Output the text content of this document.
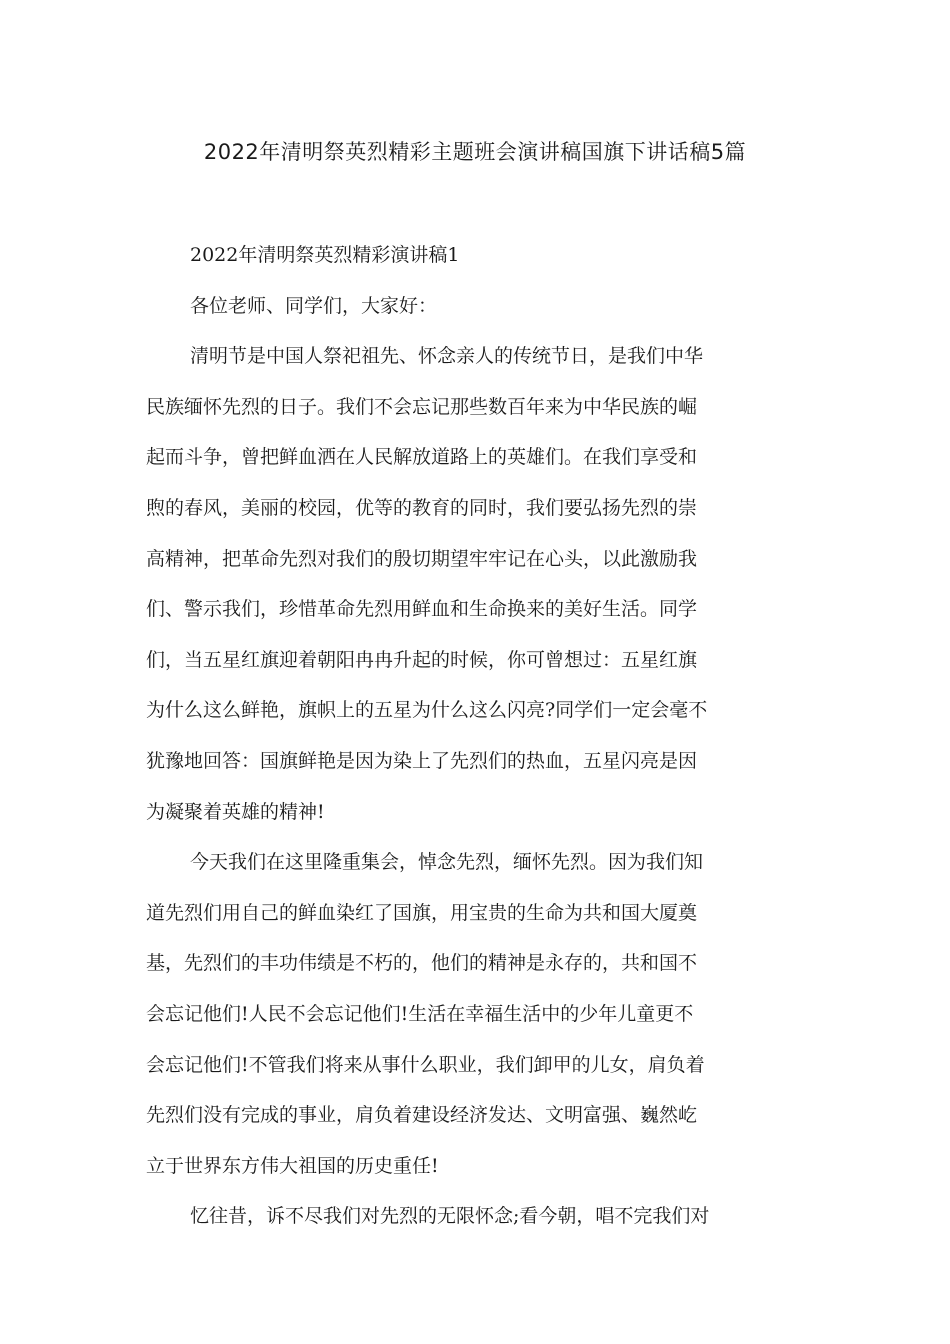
2022年清明祭英烈精彩主题班会演讲稿国旗下讲话稿5篇
2022年清明祭英烈精彩演讲稿1
各位老师、同学们，大家好：
清明节是中国人祭祀祖先、怀念亲人的传统节日，是我们中华
民族缅怀先烈的日子。我们不会忘记那些数百年来为中华民族的崛
起而斗争，曾把鲜血洒在人民解放道路上的英雄们。在我们享受和
煦的春风，美丽的校园，优等的教育的同时，我们要弘扬先烈的崇
高精神，把革命先烈对我们的殷切期望牢牢记在心头，以此激励我
们、警示我们，珍惜革命先烈用鲜血和生命换来的美好生活。同学
们，当五星红旗迎着朝阳冉冉升起的时候，你可曾想过：五星红旗
为什么这么鲜艳，旗帜上的五星为什么这么闪亮?同学们一定会毫不
犹豫地回答：国旗鲜艳是因为染上了先烈们的热血，五星闪亮是因
为凝聚着英雄的精神!
今天我们在这里隆重集会，悼念先烈，缅怀先烈。因为我们知
道先烈们用自己的鲜血染红了国旗，用宝贵的生命为共和国大厦奠
基，先烈们的丰功伟绩是不朽的，他们的精神是永存的，共和国不
会忘记他们!人民不会忘记他们!生活在幸福生活中的少年儿童更不
会忘记他们!不管我们将来从事什么职业，我们卸甲的儿女，肩负着
先烈们没有完成的事业，肩负着建设经济发达、文明富强、巍然屹
立于世界东方伟大祖国的历史重任!
忆往昔，诉不尽我们对先烈的无限怀念;看今朝，唱不完我们对
